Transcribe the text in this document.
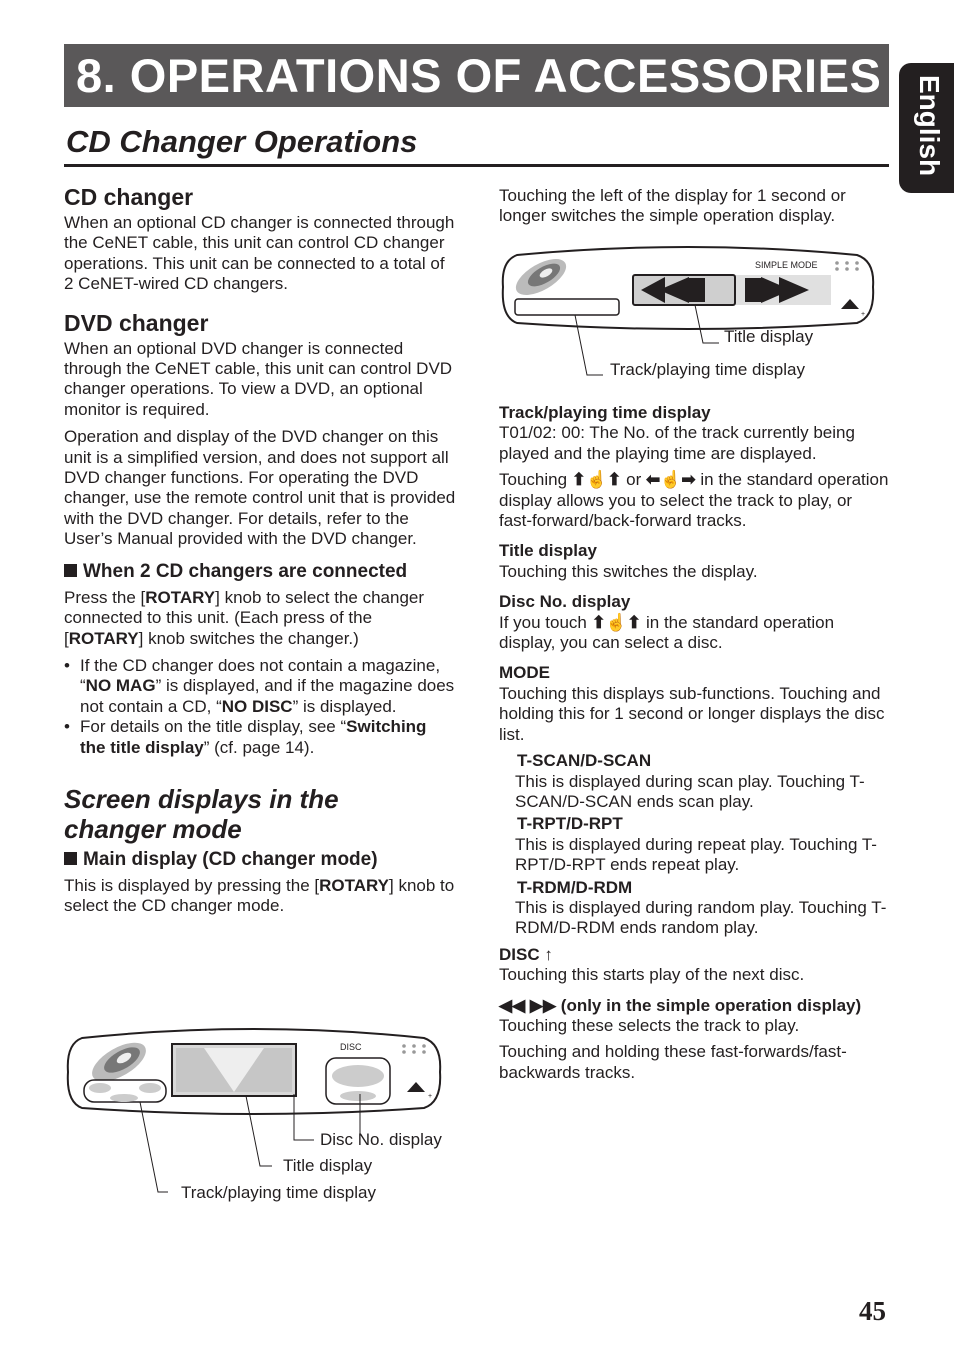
8. OPERATIONS OF ACCESSORIES English
CD Changer Operations
CD changer

When an optional CD changer is connected through the CeNET cable, this unit can control CD changer operations. This unit can be connected to a total of 2 CeNET-wired CD changers.

DVD changer

When an optional DVD changer is connected through the CeNET cable, this unit can control DVD changer operations. To view a DVD, an optional monitor is required.

Operation and display of the DVD changer on this unit is a simplified version, and does not support all DVD changer functions. For operating the DVD changer, use the remote control unit that is provided with the DVD changer. For details, refer to the User’s Manual provided with the DVD changer.

When 2 CD changers are connected

Press the [ROTARY] knob to select the changer connected to this unit. (Each press of the [ROTARY] knob switches the changer.)

• If the CD changer does not contain a magazine, “NO MAG” is displayed, and if the magazine does not contain a CD, “NO DISC” is displayed.
• For details on the title display, see “Switching the title display” (cf. page 14).
Screen displays in the changer mode
Main display (CD changer mode)

This is displayed by pressing the [ROTARY] knob to select the CD changer mode.

+
DISC
Disc No. display
Title display
Track/playing time display

Touching the left of the display for 1 second or longer switches the simple operation display.

+
SIMPLE MODE
Title display
Track/playing time display
Track/playing time display

T01/02: 00: The No. of the track currently being played and the playing time are displayed.

Touching ⬆☝⬆ or ⬅☝➡ in the standard operation display allows you to select the track to play, or fast-forward/back-forward tracks.

Title display

Touching this switches the display.

Disc No. display

If you touch ⬆☝⬆ in the standard operation display, you can select a disc.

MODE

Touching this displays sub-functions. Touching and holding this for 1 second or longer displays the disc list.

T-SCAN/D-SCAN

This is displayed during scan play. Touching T-SCAN/D-SCAN ends scan play.

T-RPT/D-RPT

This is displayed during repeat play. Touching T-RPT/D-RPT ends repeat play.

T-RDM/D-RDM

This is displayed during random play. Touching T-RDM/D-RDM ends random play.

DISC ↑

Touching this starts play of the next disc.

◀◀ ▶▶ (only in the simple operation display)

Touching these selects the track to play.

Touching and holding these fast-forwards/fast-backwards tracks.

45
